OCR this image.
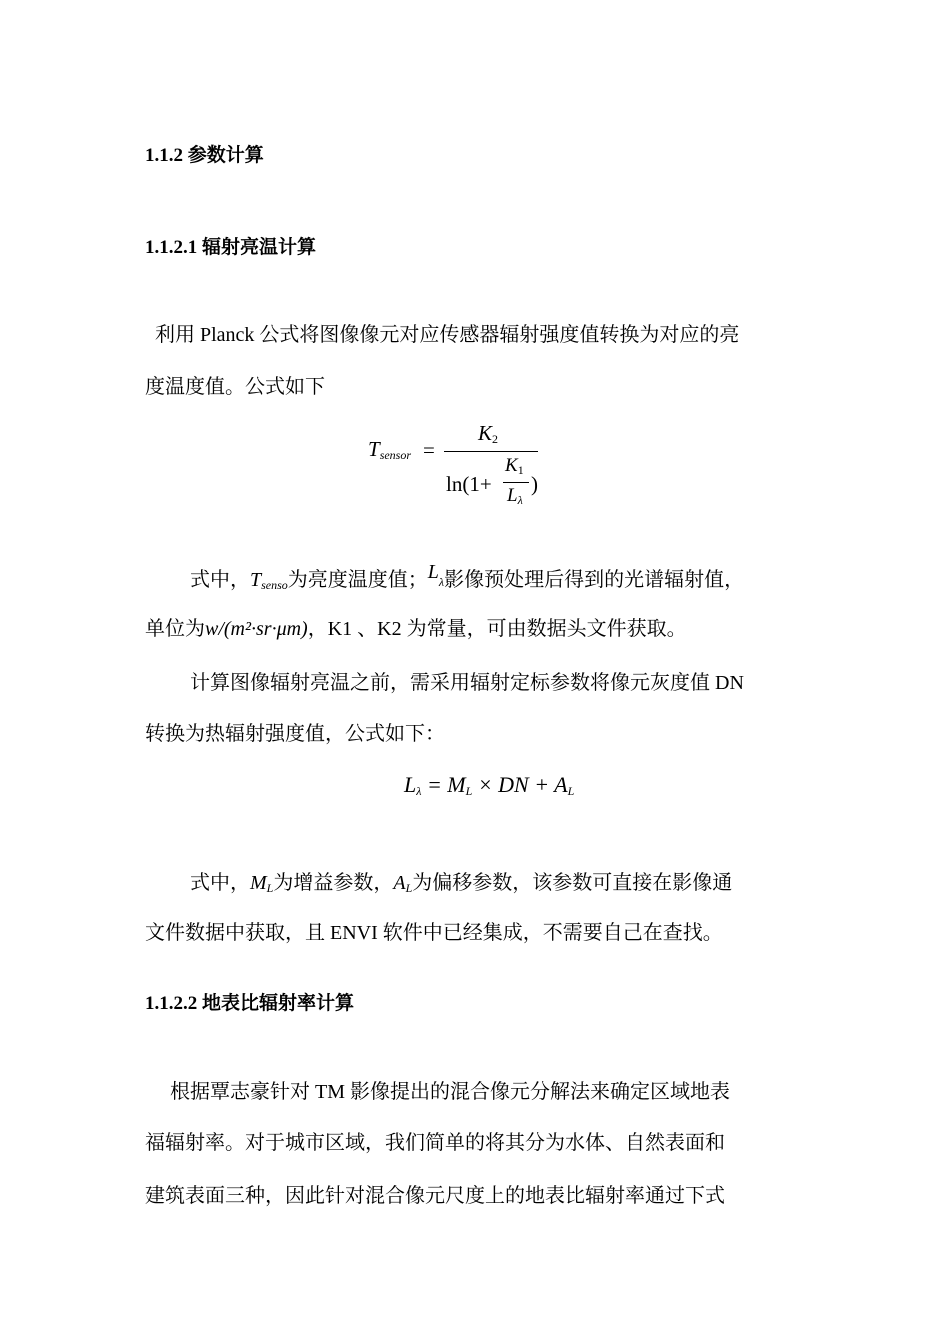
1.1.2 参数计算
1.1.2.1 辐射亮温计算
利用 Planck 公式将图像像元对应传感器辐射强度值转换为对应的亮
度温度值。公式如下
$T_{sensor}$ =
$K_2$
ln(1+
$K_1$
$L_\lambda$
)
式中，$T_{senso}$为亮度温度值；Lλ影像预处理后得到的光谱辐射值，
单位为w/(m²·sr·μm)，K1 、K2 为常量，可由数据头文件获取。
计算图像辐射亮温之前，需采用辐射定标参数将像元灰度值 DN
转换为热辐射强度值，公式如下：
$L_\lambda = M_L$ × DN + $A_L$
式中，$M_L$为增益参数，$A_L$为偏移参数，该参数可直接在影像通
文件数据中获取，且 ENVI 软件中已经集成，不需要自己在查找。
1.1.2.2 地表比辐射率计算
根据覃志豪针对 TM 影像提出的混合像元分解法来确定区域地表
福辐射率。对于城市区域，我们简单的将其分为水体、自然表面和
建筑表面三种，因此针对混合像元尺度上的地表比辐射率通过下式
